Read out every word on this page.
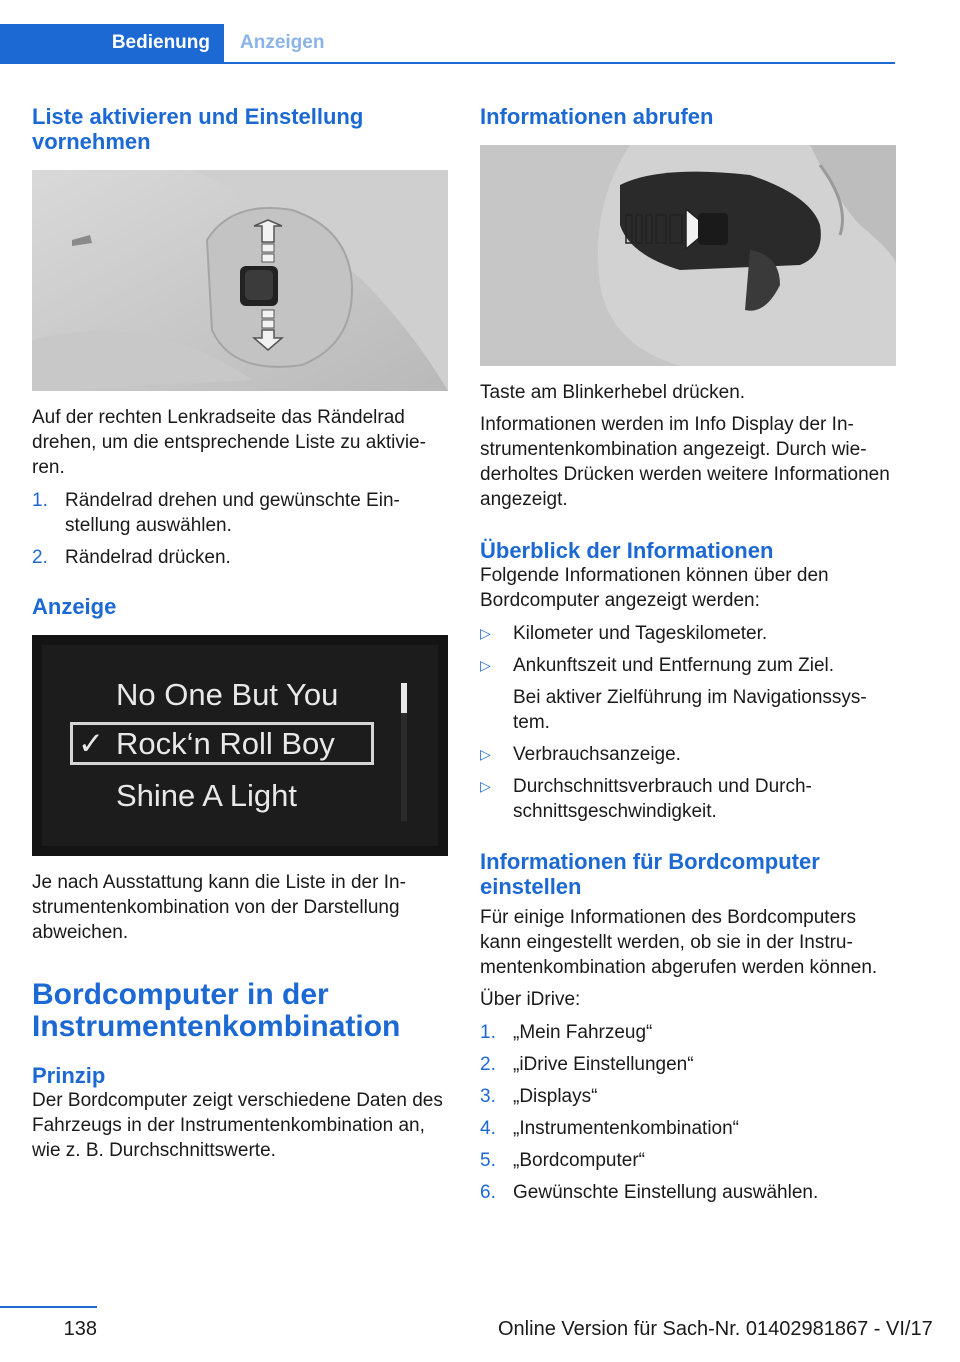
Bedienung	Anzeigen
Liste aktivieren und Einstellung vornehmen

Auf der rechten Lenkradseite das Rändelrad drehen, um die entsprechende Liste zu aktivieren.

1. Rändelrad drehen und gewünschte Einstellung auswählen.
2. Rändelrad drücken.
Anzeige
No One But You
✓ Rock‘n Roll Boy
Shine A Light

Je nach Ausstattung kann die Liste in der Instrumentenkombination von der Darstellung abweichen.

Bordcomputer in der Instrumentenkombination
Prinzip

Der Bordcomputer zeigt verschiedene Daten des Fahrzeugs in der Instrumentenkombination an, wie z. B. Durchschnittswerte.

Informationen abrufen

Taste am Blinkerhebel drücken.

Informationen werden im Info Display der Instrumentenkombination angezeigt. Durch wiederholtes Drücken werden weitere Informationen angezeigt.

Überblick der Informationen

Folgende Informationen können über den Bordcomputer angezeigt werden:

▷ Kilometer und Tageskilometer.
▷ Ankunftszeit und Entfernung zum Ziel.
Bei aktiver Zielführung im Navigationssystem.
▷ Verbrauchsanzeige.
▷ Durchschnittsverbrauch und Durchschnittsgeschwindigkeit.
Informationen für Bordcomputer einstellen

Für einige Informationen des Bordcomputers kann eingestellt werden, ob sie in der Instrumentenkombination abgerufen werden können.

Über iDrive:

1. „Mein Fahrzeug“
2. „iDrive Einstellungen“
3. „Displays“
4. „Instrumentenkombination“
5. „Bordcomputer“
6. Gewünschte Einstellung auswählen.
138	Online Version für Sach-Nr. 01402981867 - VI/17
